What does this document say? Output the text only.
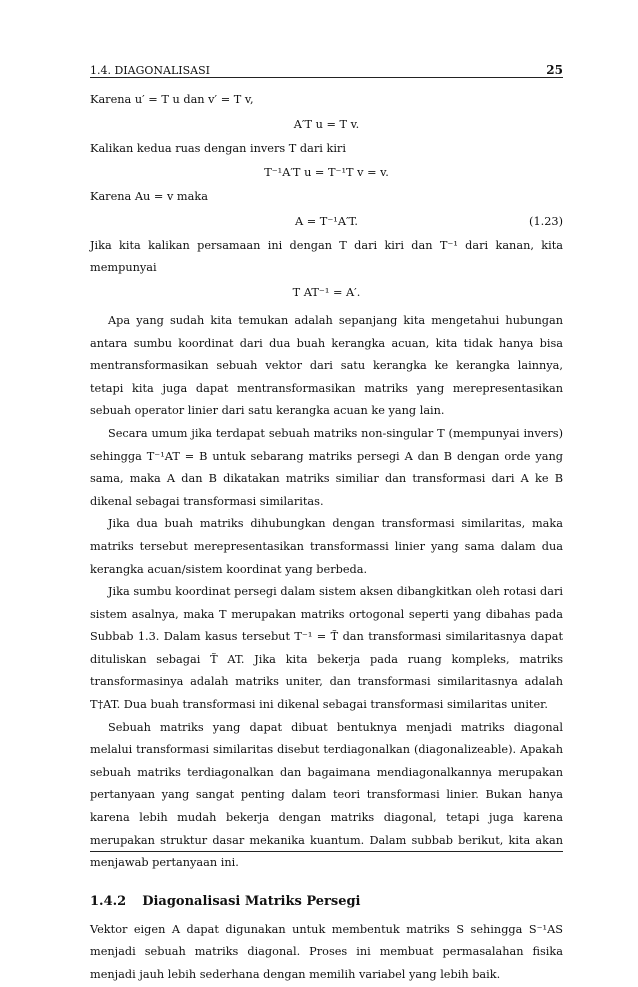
1.4. DIAGONALISASI	25

Karena u′ = T u dan v′ = T v,

A′T u = T v.

Kalikan kedua ruas dengan invers T dari kiri

T⁻¹A′T u = T⁻¹T v = v.

Karena Au = v maka

A = T⁻¹A′T.	(1.23)

Jika kita kalikan persamaan ini dengan T dari kiri dan T⁻¹ dari kanan, kita mempunyai

T AT⁻¹ = A′.

Apa yang sudah kita temukan adalah sepanjang kita mengetahui hubungan antara sumbu koordinat dari dua buah kerangka acuan, kita tidak hanya bisa mentransformasikan sebuah vektor dari satu kerangka ke kerangka lainnya, tetapi kita juga dapat mentransformasikan matriks yang merepresentasikan sebuah operator linier dari satu kerangka acuan ke yang lain.

Secara umum jika terdapat sebuah matriks non-singular T (mempunyai invers) sehingga T⁻¹AT = B untuk sebarang matriks persegi A dan B dengan orde yang sama, maka A dan B dikatakan matriks similiar dan transformasi dari A ke B dikenal sebagai transformasi similaritas.

Jika dua buah matriks dihubungkan dengan transformasi similaritas, maka matriks tersebut merepresentasikan transformassi linier yang sama dalam dua kerangka acuan/sistem koordinat yang berbeda.

Jika sumbu koordinat persegi dalam sistem aksen dibangkitkan oleh rotasi dari sistem asalnya, maka T merupakan matriks ortogonal seperti yang dibahas pada Subbab 1.3. Dalam kasus tersebut T⁻¹ = T̃ dan transformasi similaritasnya dapat dituliskan sebagai T̃ AT. Jika kita bekerja pada ruang kompleks, matriks transformasinya adalah matriks uniter, dan transformasi similaritasnya adalah T†AT. Dua buah transformasi ini dikenal sebagai transformasi similaritas uniter.

Sebuah matriks yang dapat dibuat bentuknya menjadi matriks diagonal melalui transformasi similaritas disebut terdiagonalkan (diagonalizeable). Apakah sebuah matriks terdiagonalkan dan bagaimana mendiagonalkannya merupakan pertanyaan yang sangat penting dalam teori transformasi linier. Bukan hanya karena lebih mudah bekerja dengan matriks diagonal, tetapi juga karena merupakan struktur dasar mekanika kuantum. Dalam subbab berikut, kita akan menjawab pertanyaan ini.

1.4.2 Diagonalisasi Matriks Persegi

Vektor eigen A dapat digunakan untuk membentuk matriks S sehingga S⁻¹AS menjadi sebuah matriks diagonal. Proses ini membuat permasalahan fisika menjadi jauh lebih sederhana dengan memilih variabel yang lebih baik.
